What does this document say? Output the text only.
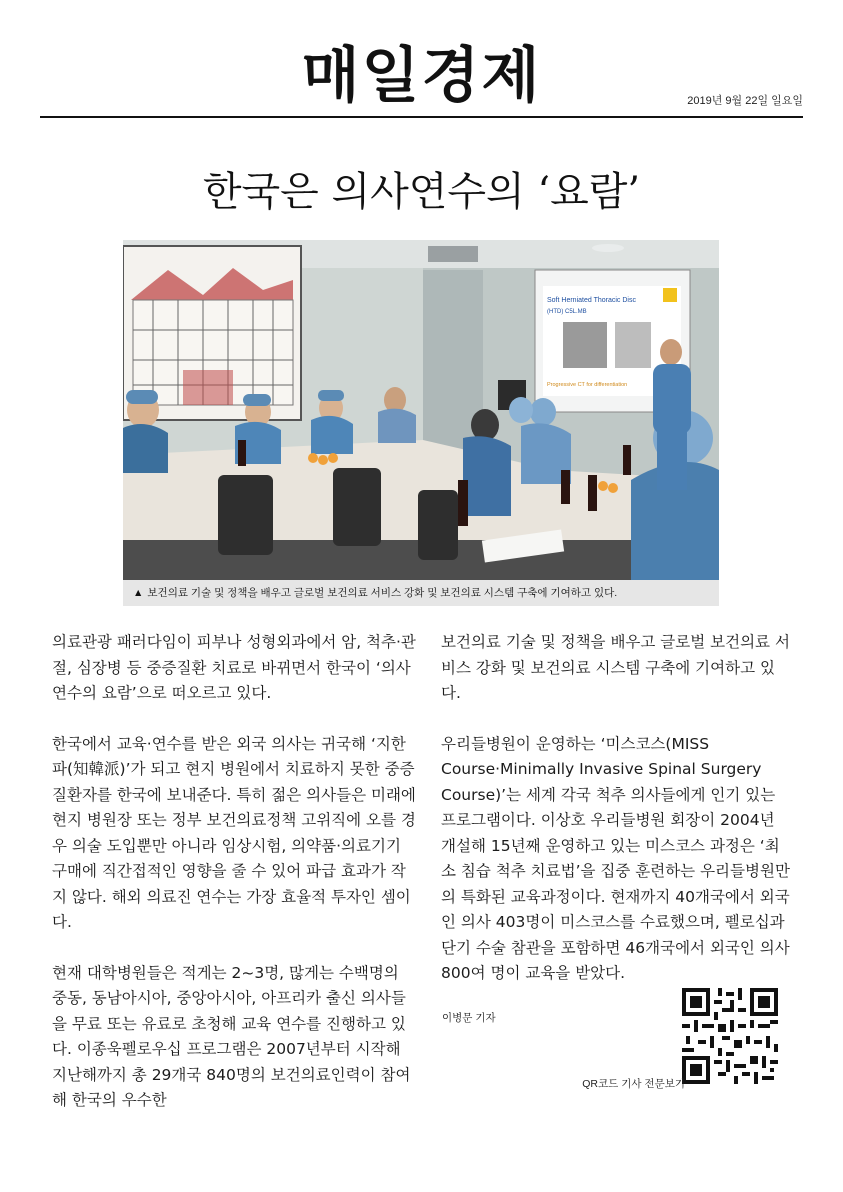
매일경제	2019년 9월 22일 일요일
한국은 의사연수의 ‘요람’
Soft Herniated Thoracic Disc
(HTD) C5L.MB
Progressive CT for differentiation
▲ 보건의료 기술 및 정책을 배우고 글로벌 보건의료 서비스 강화 및 보건의료 시스템 구축에 기여하고 있다.

의료관광 패러다임이 피부나 성형외과에서 암, 척추·관절, 심장병 등 중증질환 치료로 바뀌면서 한국이 ‘의사 연수의 요람’으로 떠오르고 있다.

한국에서 교육·연수를 받은 외국 의사는 귀국해 ‘지한파(知韓派)’가 되고 현지 병원에서 치료하지 못한 중증질환자를 한국에 보내준다. 특히 젊은 의사들은 미래에 현지 병원장 또는 정부 보건의료정책 고위직에 오를 경우 의술 도입뿐만 아니라 임상시험, 의약품·의료기기 구매에 직간접적인 영향을 줄 수 있어 파급 효과가 작지 않다. 해외 의료진 연수는 가장 효율적 투자인 셈이다.

현재 대학병원들은 적게는 2~3명, 많게는 수백명의 중동, 동남아시아, 중앙아시아, 아프리카 출신 의사들을 무료 또는 유료로 초청해 교육 연수를 진행하고 있다. 이종욱펠로우십 프로그램은 2007년부터 시작해 지난해까지 총 29개국 840명의 보건의료인력이 참여해 한국의 우수한

보건의료 기술 및 정책을 배우고 글로벌 보건의료 서비스 강화 및 보건의료 시스템 구축에 기여하고 있다.

우리들병원이 운영하는 ‘미스코스(MISS Course·Minimally Invasive Spinal Surgery Course)’는 세계 각국 척추 의사들에게 인기 있는 프로그램이다. 이상호 우리들병원 회장이 2004년 개설해 15년째 운영하고 있는 미스코스 과정은 ‘최소 침습 척추 치료법’을 집중 훈련하는 우리들병원만의 특화된 교육과정이다. 현재까지 40개국에서 외국인 의사 403명이 미스코스를 수료했으며, 펠로십과 단기 수술 참관을 포함하면 46개국에서 외국인 의사 800여 명이 교육을 받았다.

이병문 기자
QR코드 기사 전문보기
